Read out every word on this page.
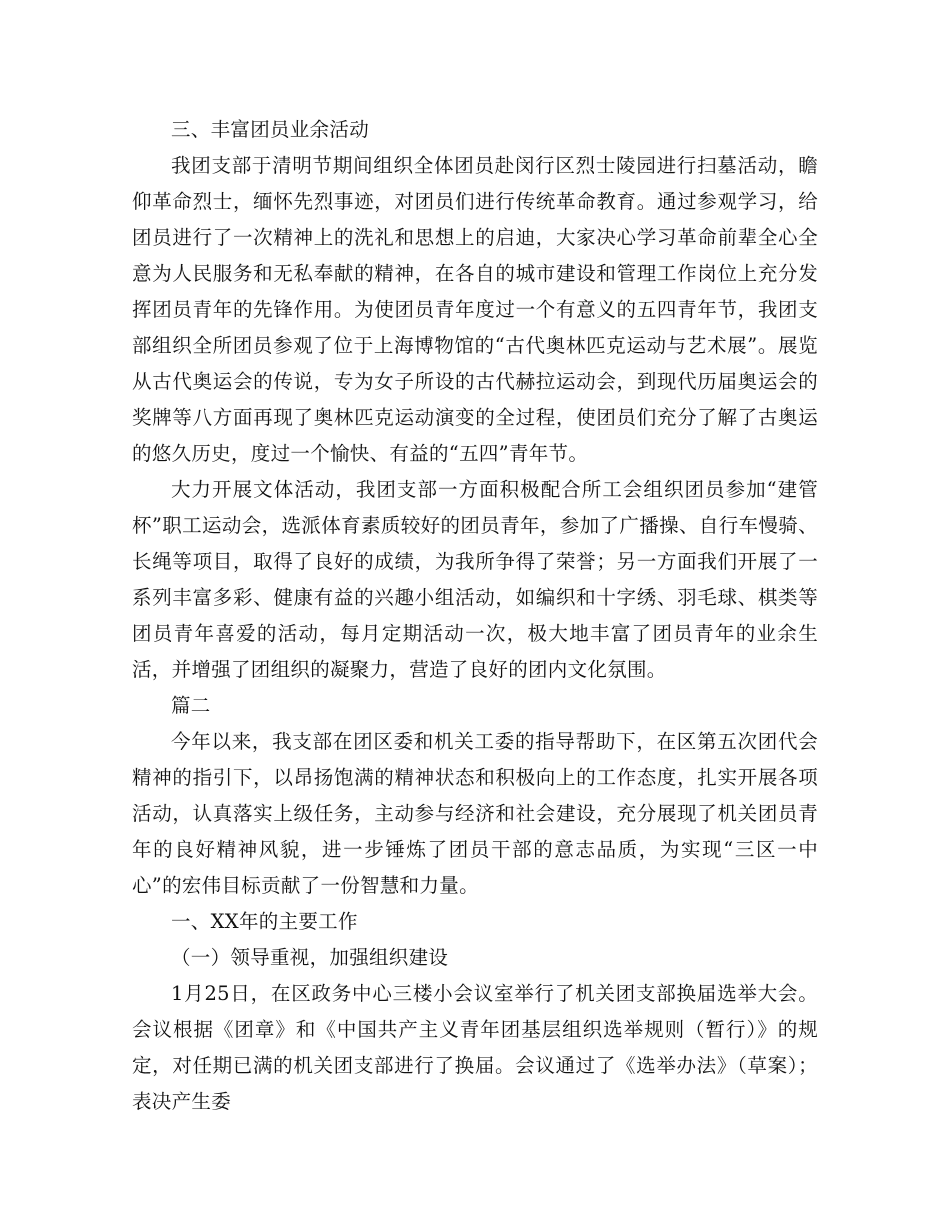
三、丰富团员业余活动

我团支部于清明节期间组织全体团员赴闵行区烈士陵园进行扫墓活动，瞻仰革命烈士，缅怀先烈事迹，对团员们进行传统革命教育。通过参观学习，给团员进行了一次精神上的洗礼和思想上的启迪，大家决心学习革命前辈全心全意为人民服务和无私奉献的精神，在各自的城市建设和管理工作岗位上充分发挥团员青年的先锋作用。为使团员青年度过一个有意义的五四青年节，我团支部组织全所团员参观了位于上海博物馆的“古代奥林匹克运动与艺术展”。展览从古代奥运会的传说，专为女子所设的古代赫拉运动会，到现代历届奥运会的奖牌等八方面再现了奥林匹克运动演变的全过程，使团员们充分了解了古奥运的悠久历史，度过一个愉快、有益的“五四”青年节。

大力开展文体活动，我团支部一方面积极配合所工会组织团员参加“建管杯”职工运动会，选派体育素质较好的团员青年，参加了广播操、自行车慢骑、长绳等项目，取得了良好的成绩，为我所争得了荣誉；另一方面我们开展了一系列丰富多彩、健康有益的兴趣小组活动，如编织和十字绣、羽毛球、棋类等团员青年喜爱的活动，每月定期活动一次，极大地丰富了团员青年的业余生活，并增强了团组织的凝聚力，营造了良好的团内文化氛围。

篇二

今年以来，我支部在团区委和机关工委的指导帮助下，在区第五次团代会精神的指引下，以昂扬饱满的精神状态和积极向上的工作态度，扎实开展各项活动，认真落实上级任务，主动参与经济和社会建设，充分展现了机关团员青年的良好精神风貌，进一步锤炼了团员干部的意志品质，为实现“三区一中心”的宏伟目标贡献了一份智慧和力量。

一、XX年的主要工作

（一）领导重视，加强组织建设

1月25日，在区政务中心三楼小会议室举行了机关团支部换届选举大会。会议根据《团章》和《中国共产主义青年团基层组织选举规则（暂行）》的规定，对任期已满的机关团支部进行了换届。会议通过了《选举办法》（草案）；表决产生委
